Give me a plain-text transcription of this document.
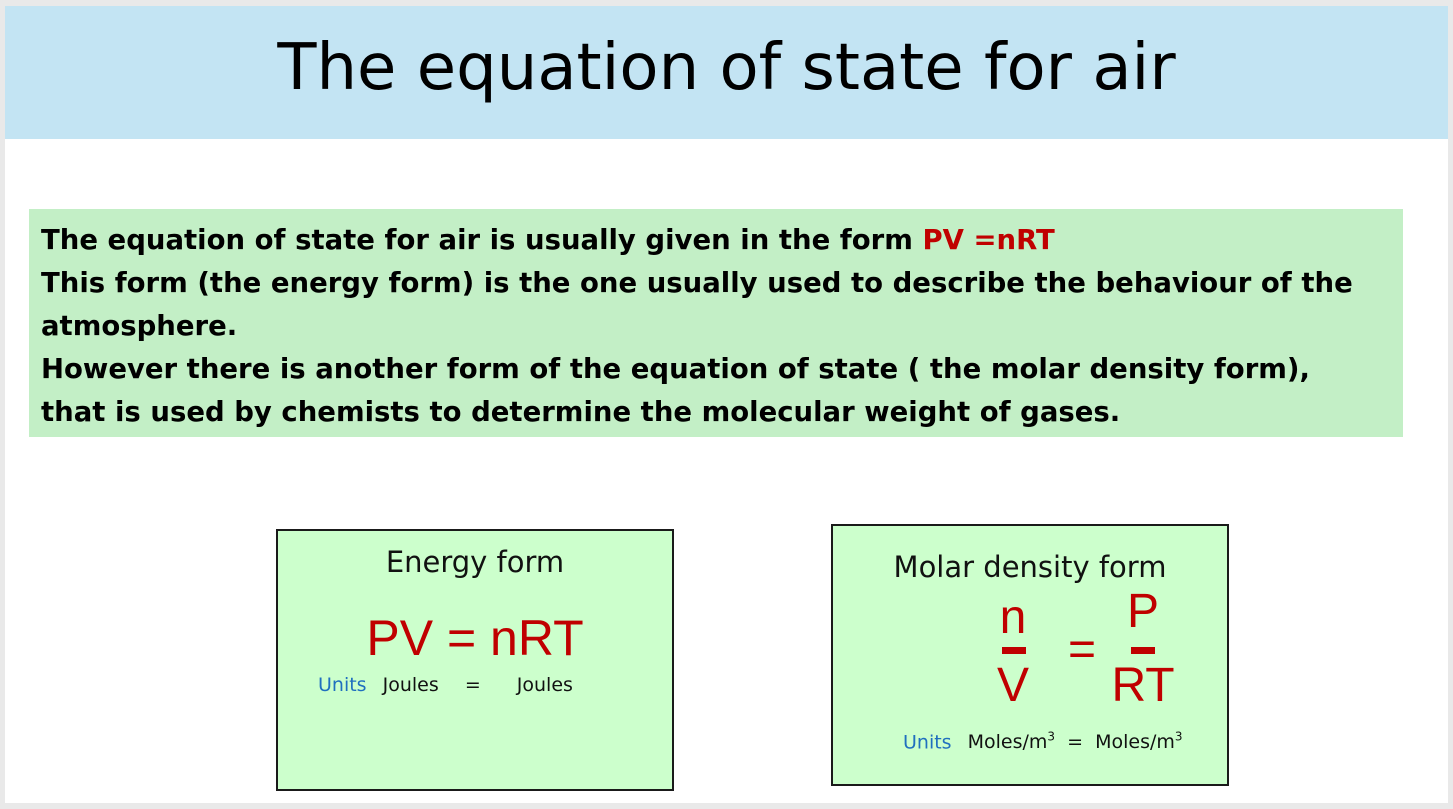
The equation of state for air
The equation of state for air is usually given in the form PV =nRT
This form (the energy form) is the one usually used to describe the behaviour of the
atmosphere.
However there is another form of the equation of state ( the molar density form),
that is used by chemists to determine the molecular weight of gases.
Energy form
PV = nRT
Units Joules = Joules
Molar density form
n
V
=
P
RT
Units Moles/$m^3$ = Moles/$m^3$
